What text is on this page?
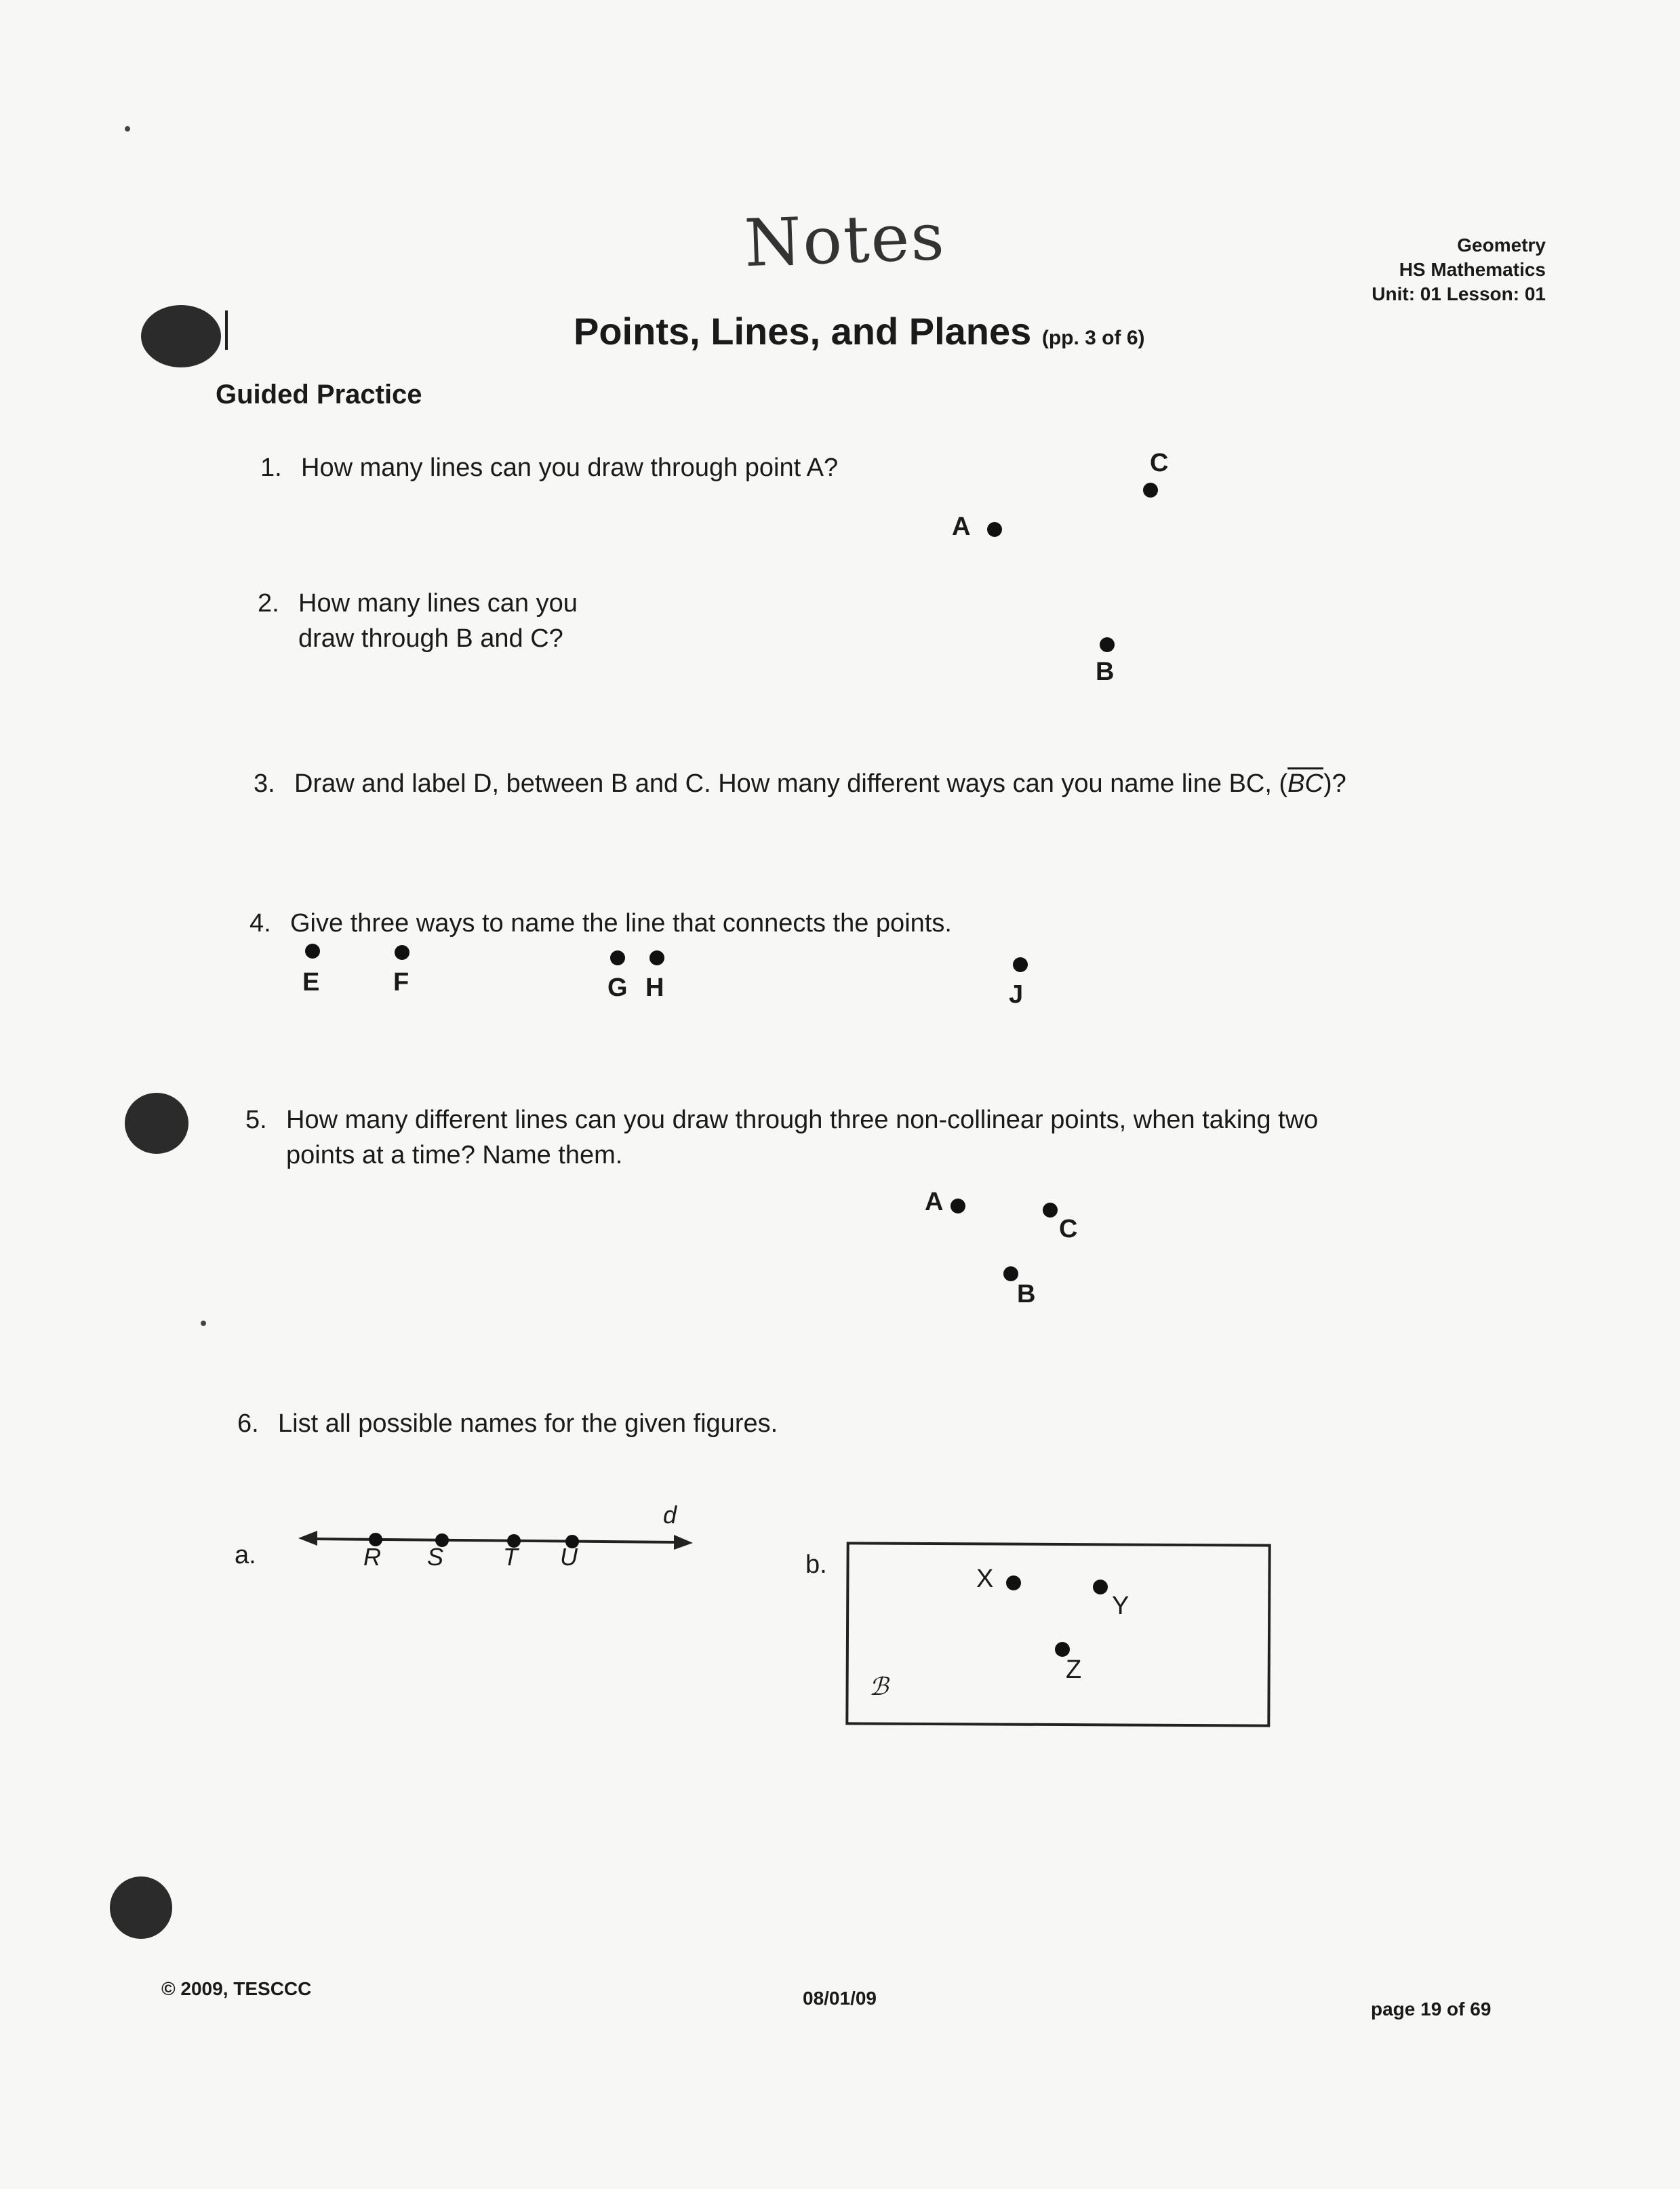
Notes	Geometry
HS Mathematics
Unit: 01 Lesson: 01
Points, Lines, and Planes (pp. 3 of 6)
Guided Practice
1. How many lines can you draw through point A?
A
C
2. How many lines can you
draw through B and C?
B
3. Draw and label D, between B and C. How many different ways can you name line BC, $(\overline{BC})$?
4. Give three ways to name the line that connects the points.
E	F	G H	J
5. How many different lines can you draw through three non-collinear points, when taking two
points at a time? Name them.
A
C
B
6. List all possible names for the given figures.
a.
d
R S T U	b.
ℬ
X
Y
Z
© 2009, TESCCC	08/01/09
page 19 of 69
